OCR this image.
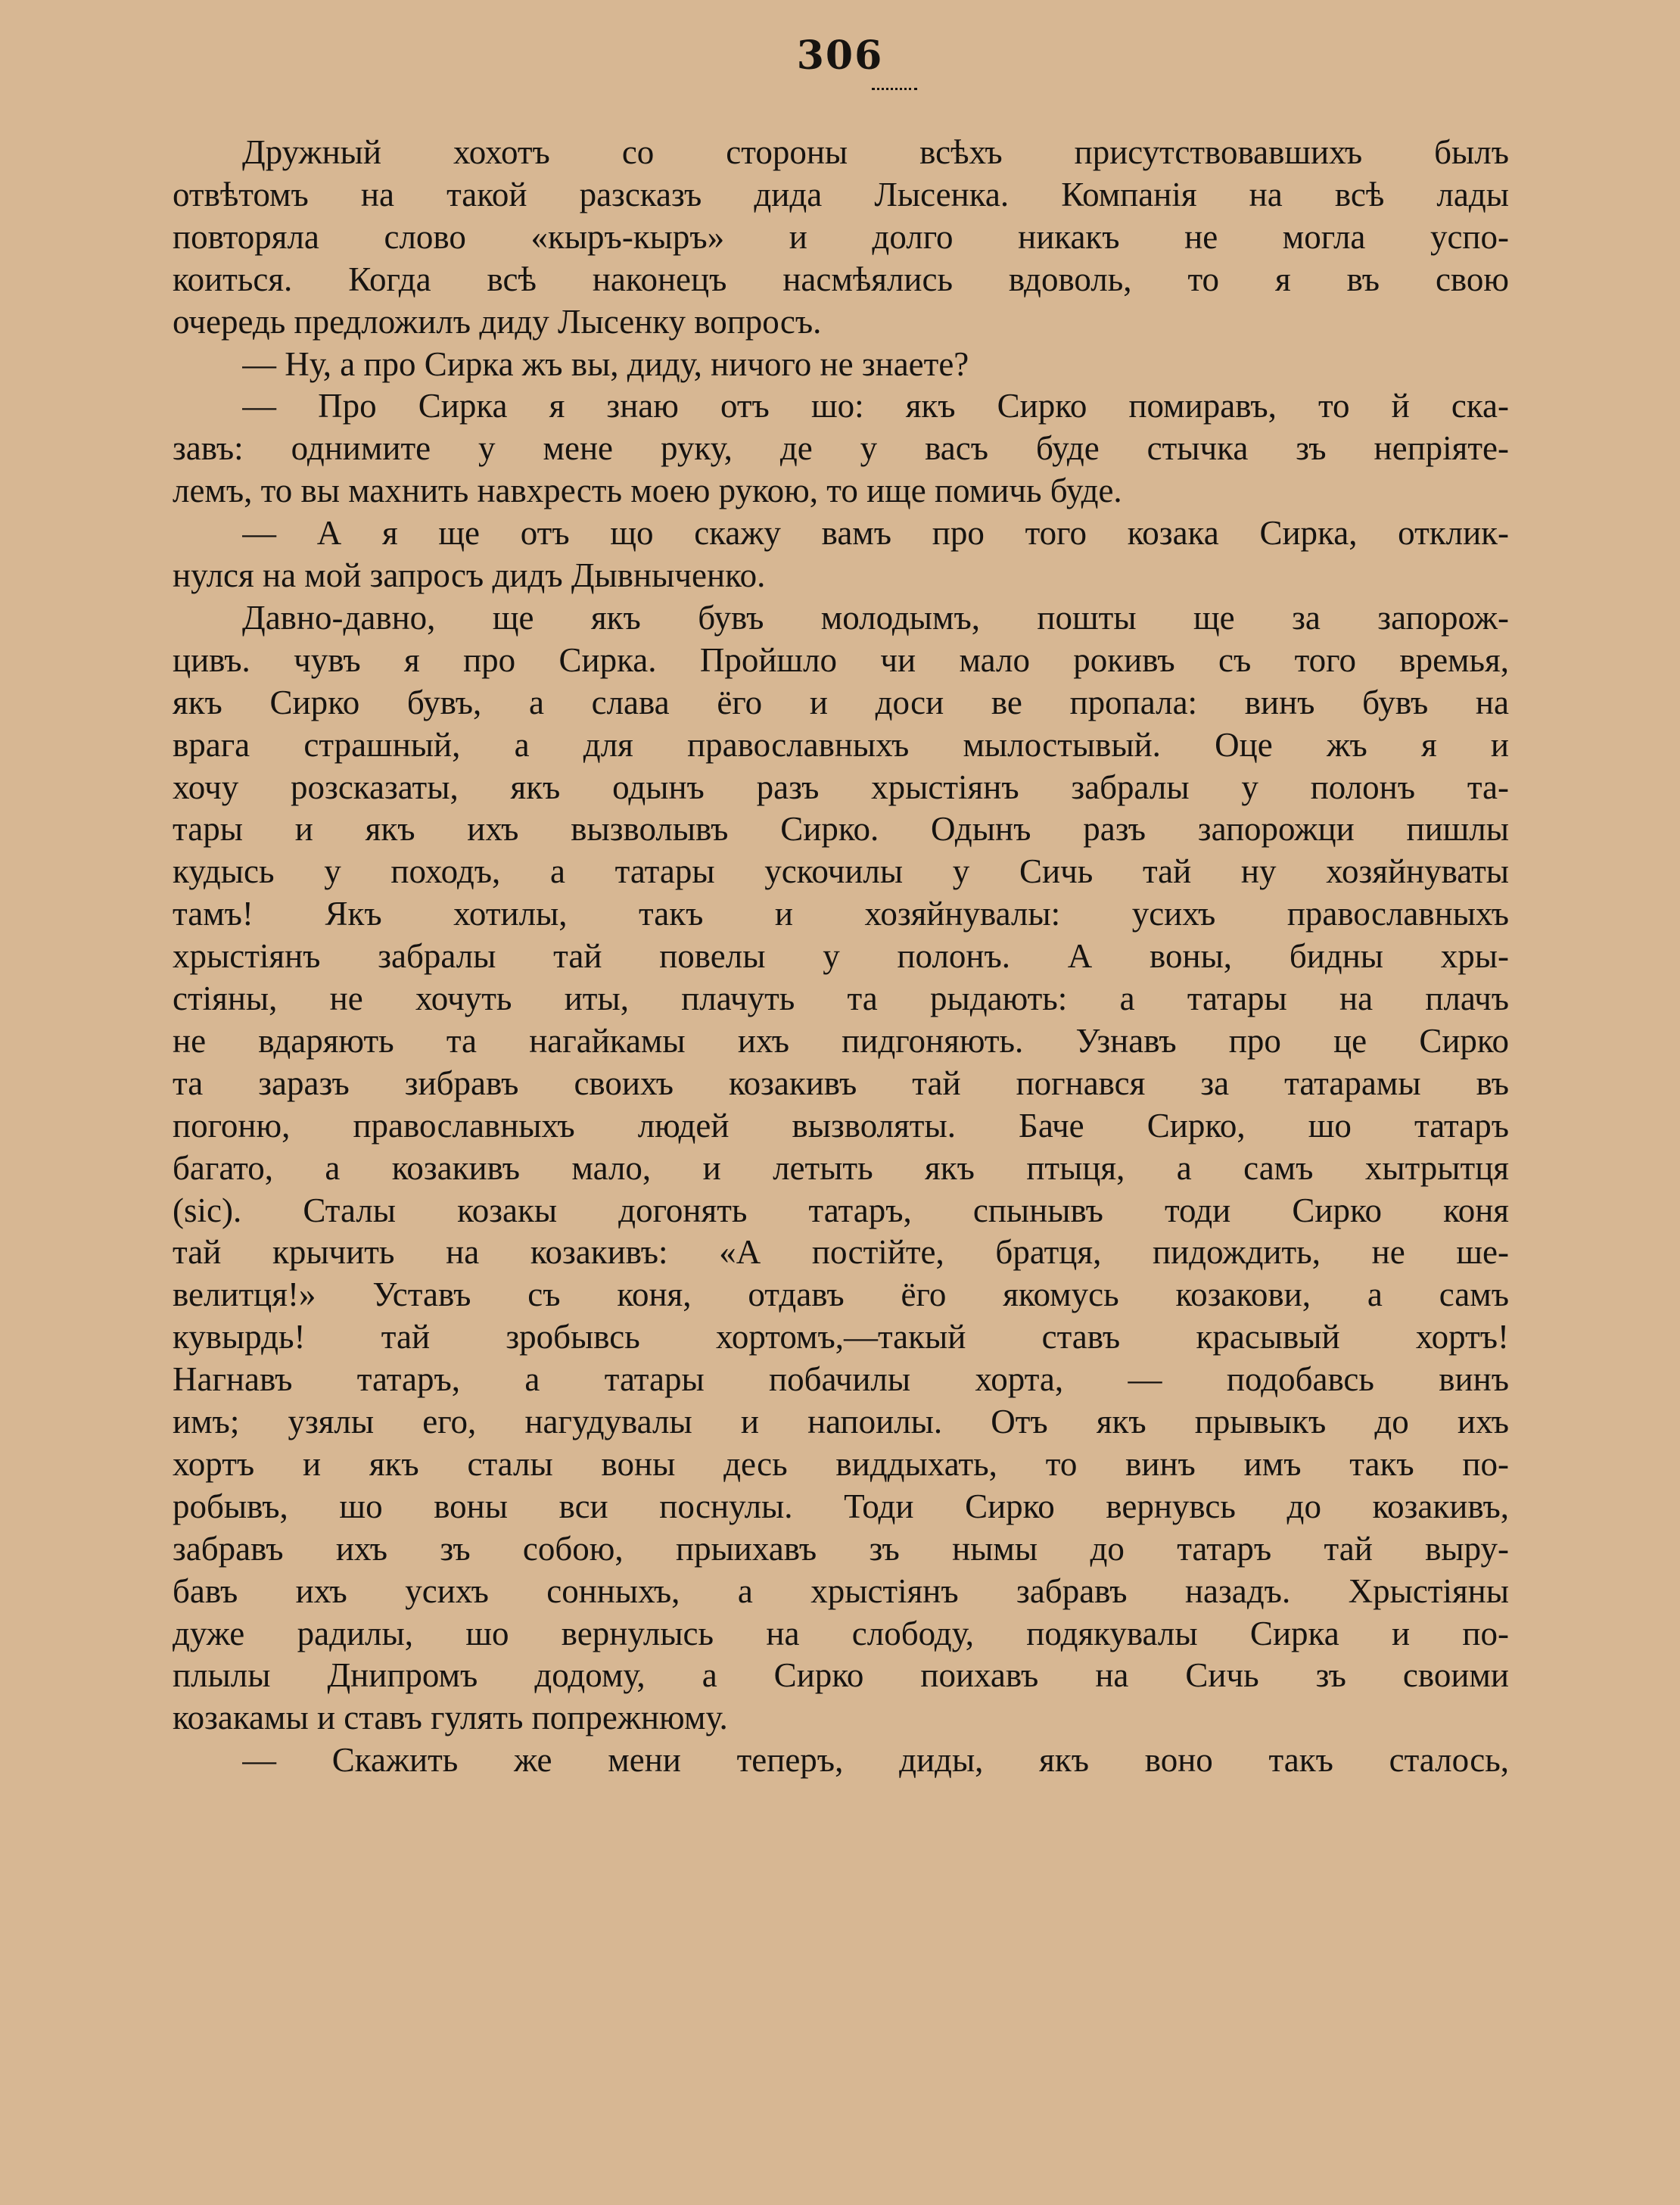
306
Дружный хохотъ со стороны всѣхъ присутствовавшихъ былъ
отвѣтомъ на такой разсказъ дида Лысенка. Компанія на всѣ лады
повторяла слово «кыръ-кыръ» и долго никакъ не могла успо-
коиться. Когда всѣ наконецъ насмѣялись вдоволь, то я въ свою
очередь предложилъ диду Лысенку вопросъ.
— Ну, а про Сирка жъ вы, диду, ничого не знаете?
— Про Сирка я знаю отъ шо: якъ Сирко помиравъ, то й ска-
завъ: однимите у мене руку, де у васъ буде стычка зъ непріяте-
лемъ, то вы махнить навхресть моею рукою, то ище помичь буде.
— А я ще отъ що скажу вамъ про того козака Сирка, отклик-
нулся на мой запросъ дидъ Дывныченко.
Давно-давно, ще якъ бувъ молодымъ, пошты ще за запорож-
цивъ. чувъ я про Сирка. Пройшло чи мало рокивъ съ того времья,
якъ Сирко бувъ, а слава ёго и доси ве пропала: винъ бувъ на
врага страшный, а для православныхъ мылостывый. Оце жъ я и
хочу розсказаты, якъ одынъ разъ хрыстіянъ забралы у полонъ та-
тары и якъ ихъ вызволывъ Сирко. Одынъ разъ запорожци пишлы
кудысь у походъ, а татары ускочилы у Сичь тай ну хозяйнуваты
тамъ! Якъ хотилы, такъ и хозяйнувалы: усихъ православныхъ
хрыстіянъ забралы тай повелы у полонъ. А воны, бидны хры-
стіяны, не хочуть иты, плачуть та рыдають: а татары на плачъ
не вдаряють та нагайкамы ихъ пидгоняють. Узнавъ про це Сирко
та заразъ зибравъ своихъ козакивъ тай погнався за татарамы въ
погоню, православныхъ людей вызволяты. Баче Сирко, шо татаръ
багато, а козакивъ мало, и летыть якъ птыця, а самъ хытрытця
(sic). Сталы козакы догонять татаръ, спынывъ тоди Сирко коня
тай крычить на козакивъ: «А постійте, братця, пидождить, не ше-
велитця!» Уставъ съ коня, отдавъ ёго якомусь козакови, а самъ
кувырдь! тай зробывсь хортомъ,—такый ставъ красывый хортъ!
Нагнавъ татаръ, а татары побачилы хорта, — подобавсь винъ
имъ; узялы его, нагудувалы и напоилы. Отъ якъ прывыкъ до ихъ
хортъ и якъ сталы воны десь виддыхать, то винъ имъ такъ по-
робывъ, шо воны вси поснулы. Тоди Сирко вернувсь до козакивъ,
забравъ ихъ зъ собою, прыихавъ зъ нымы до татаръ тай выру-
бавъ ихъ усихъ сонныхъ, а хрыстіянъ забравъ назадъ. Хрыстіяны
дуже радилы, шо вернулысь на слободу, подякувалы Сирка и по-
плылы Днипромъ додому, а Сирко поихавъ на Сичь зъ своими
козакамы и ставъ гулять попрежнюму.
— Скажить же мени теперъ, диды, якъ воно такъ сталось,
